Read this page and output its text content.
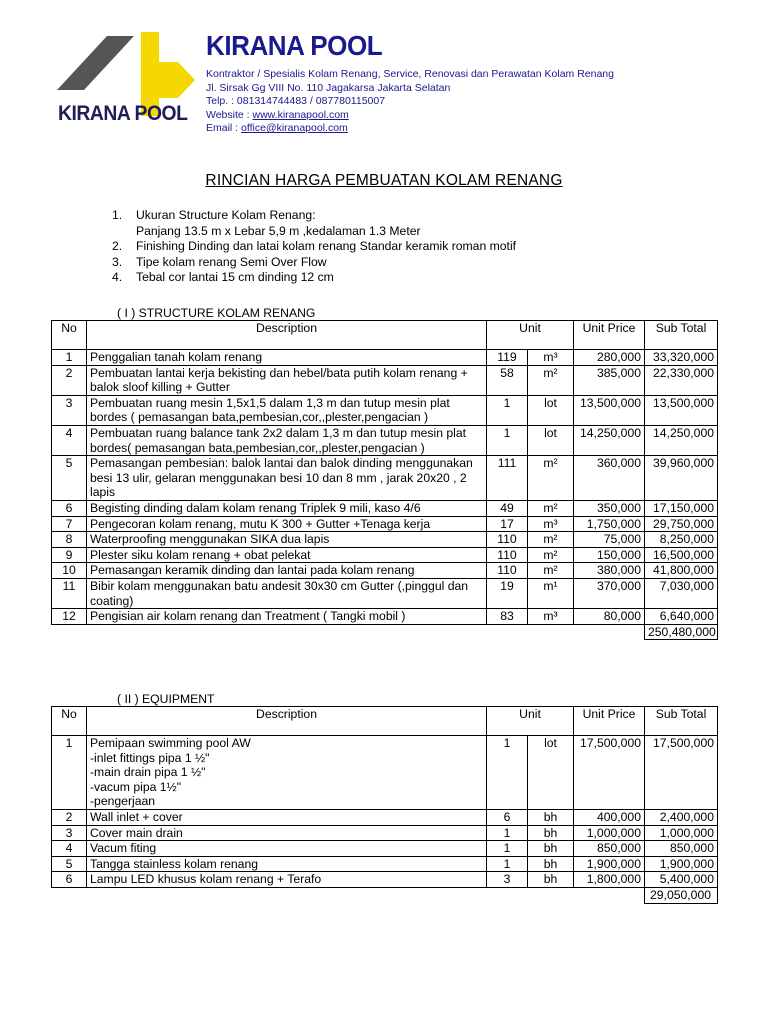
KIRANA POOL
KIRANA POOL
Kontraktor / Spesialis Kolam Renang, Service, Renovasi dan Perawatan Kolam Renang
Jl. Sirsak Gg VIII No. 110 Jagakarsa Jakarta Selatan
Telp. : 081314744483 / 087780115007
Website : www.kiranapool.com
Email : office@kiranapool.com
RINCIAN HARGA PEMBUATAN KOLAM RENANG
1. Ukuran Structure Kolam Renang:
Panjang 13.5 m x Lebar 5,9 m ,kedalaman 1.3 Meter
2. Finishing Dinding dan latai kolam renang Standar keramik roman motif
3. Tipe kolam renang Semi Over Flow
4. Tebal cor lantai 15 cm dinding 12 cm
( I ) STRUCTURE KOLAM RENANG
No	Description	Unit		Unit Price	Sub Total
1	Penggalian tanah kolam renang	119	m³	280,000	33,320,000
2	Pembuatan lantai kerja bekisting dan hebel/bata putih kolam renang + balok sloof killing + Gutter	58	m²	385,000	22,330,000
3	Pembuatan ruang mesin 1,5x1,5 dalam 1,3 m dan tutup mesin plat bordes ( pemasangan bata,pembesian,cor,,plester,pengacian )	1	lot	13,500,000	13,500,000
4	Pembuatan ruang balance tank 2x2 dalam 1,3 m dan tutup mesin plat bordes( pemasangan bata,pembesian,cor,,plester,pengacian )	1	lot	14,250,000	14,250,000
5	Pemasangan pembesian: balok lantai dan balok dinding menggunakan besi 13 ulir, gelaran menggunakan besi 10 dan 8 mm , jarak 20x20 , 2 lapis	111	m²	360,000	39,960,000
6	Begisting dinding dalam kolam renang Triplek 9 mili, kaso 4/6	49	m²	350,000	17,150,000
7	Pengecoran kolam renang, mutu K 300 + Gutter +Tenaga kerja	17	m³	1,750,000	29,750,000
8	Waterproofing menggunakan SIKA dua lapis	110	m²	75,000	8,250,000
9	Plester siku kolam renang + obat pelekat	110	m²	150,000	16,500,000
10	Pemasangan keramik dinding dan lantai pada kolam renang	110	m²	380,000	41,800,000
11	Bibir kolam menggunakan batu andesit 30x30 cm Gutter (,pinggul dan coating)	19	m¹	370,000	7,030,000
12	Pengisian air kolam renang dan Treatment ( Tangki mobil )	83	m³	80,000	6,640,000
					250,480,000
( II ) EQUIPMENT
No	Description	Unit		Unit Price	Sub Total
1	Pemipaan swimming pool AW
-inlet fittings pipa 1 ½"
-main drain pipa 1 ½"
-vacum pipa 1½"
-pengerjaan	1	lot	17,500,000	17,500,000
2	Wall inlet + cover	6	bh	400,000	2,400,000
3	Cover main drain	1	bh	1,000,000	1,000,000
4	Vacum fiting	1	bh	850,000	850,000
5	Tangga stainless kolam renang	1	bh	1,900,000	1,900,000
6	Lampu LED khusus kolam renang + Terafo	3	bh	1,800,000	5,400,000
					29,050,000
